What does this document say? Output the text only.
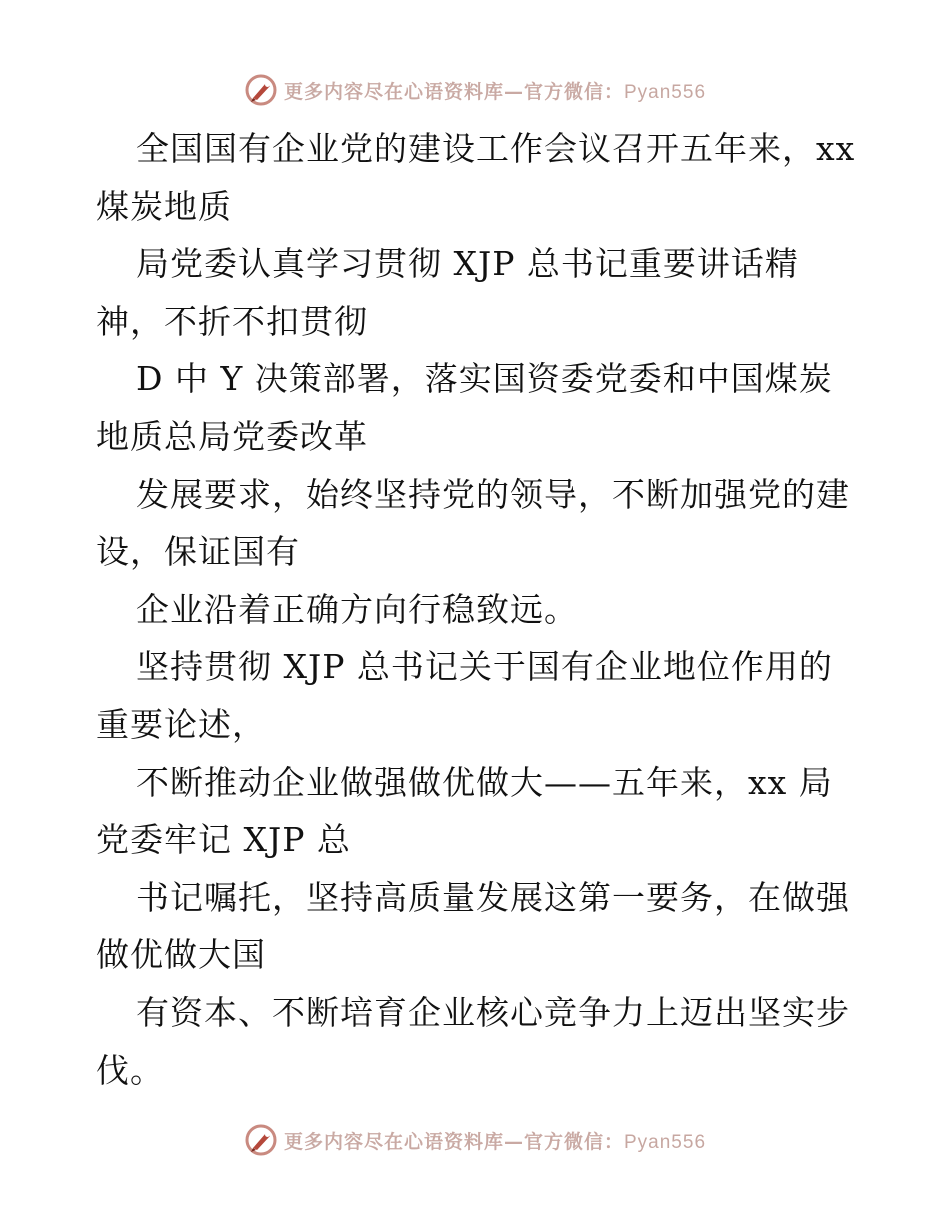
更多内容尽在心语资料库—官方微信：Pyan556
全国国有企业党的建设工作会议召开五年来，xx
煤炭地质
局党委认真学习贯彻 XJP 总书记重要讲话精
神，不折不扣贯彻
D 中 Y 决策部署，落实国资委党委和中国煤炭
地质总局党委改革
发展要求，始终坚持党的领导，不断加强党的建
设，保证国有
企业沿着正确方向行稳致远。
坚持贯彻 XJP 总书记关于国有企业地位作用的
重要论述，
不断推动企业做强做优做大——五年来，xx 局
党委牢记 XJP 总
书记嘱托，坚持高质量发展这第一要务，在做强
做优做大国
有资本、不断培育企业核心竞争力上迈出坚实步
伐。
更多内容尽在心语资料库—官方微信：Pyan556
